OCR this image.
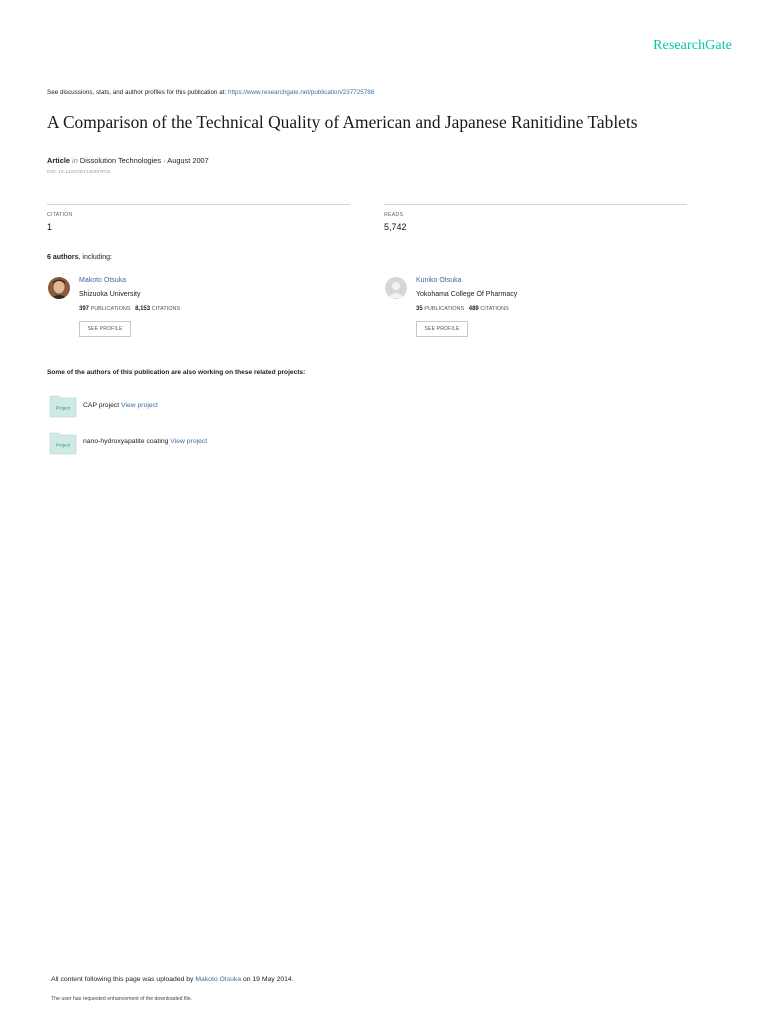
ResearchGate
See discussions, stats, and author profiles for this publication at: https://www.researchgate.net/publication/237725788
A Comparison of the Technical Quality of American and Japanese Ranitidine Tablets
Article in Dissolution Technologies · August 2007
DOI: 10.14227/DT140307P22
CITATION
1
READS
5,742
6 authors, including:
Makoto Otsuka
Shizuoka University
397 PUBLICATIONS 8,153 CITATIONS
SEE PROFILE
Kuniko Otsuka
Yokohama College Of Pharmacy
35 PUBLICATIONS 489 CITATIONS
SEE PROFILE
Some of the authors of this publication are also working on these related projects:
Project CAP project View project
Project nano-hydroxyapatite coating View project
All content following this page was uploaded by Makoto Otsuka on 19 May 2014.
The user has requested enhancement of the downloaded file.
